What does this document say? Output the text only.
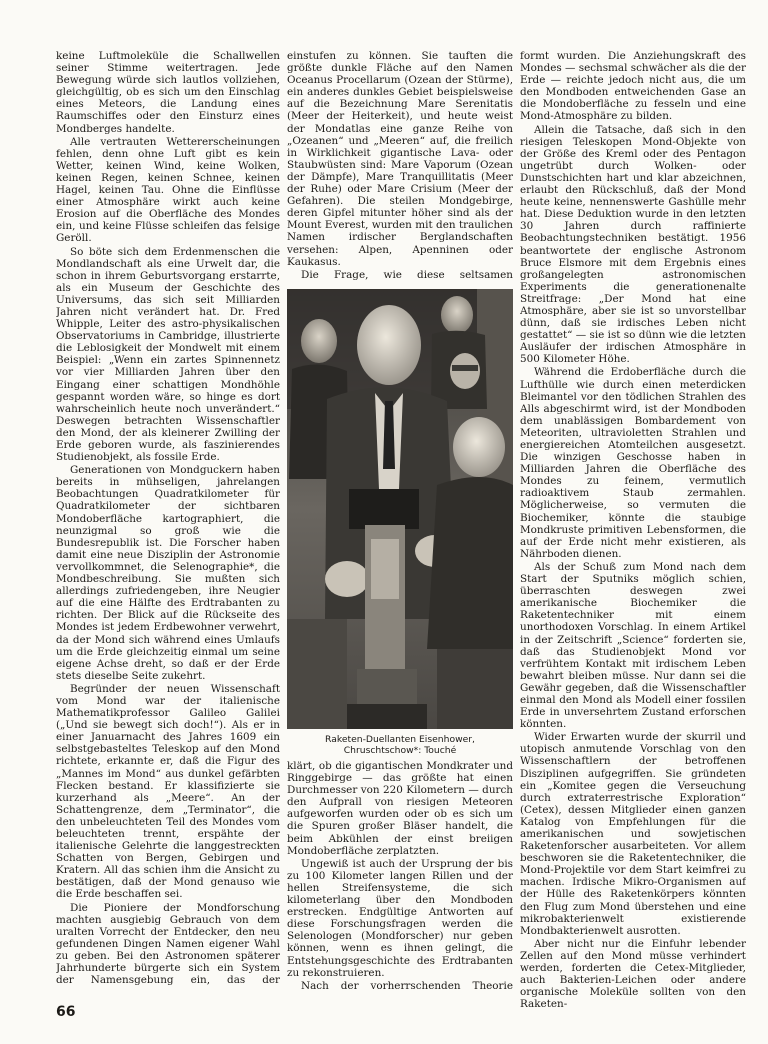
keine Luftmoleküle die Schallwellen seiner Stimme weitertragen. Jede Bewegung würde sich lautlos vollziehen, gleichgültig, ob es sich um den Einschlag eines Meteors, die Landung eines Raumschiffes oder den Einsturz eines Mondberges handelte.

Alle vertrauten Wettererscheinungen fehlen, denn ohne Luft gibt es kein Wetter, keinen Wind, keine Wolken, keinen Regen, keinen Schnee, keinen Hagel, keinen Tau. Ohne die Einflüsse einer Atmosphäre wirkt auch keine Erosion auf die Oberfläche des Mondes ein, und keine Flüsse schleifen das felsige Geröll.

So böte sich dem Erdenmenschen die Mondlandschaft als eine Urwelt dar, die schon in ihrem Geburtsvorgang erstarrte, als ein Museum der Geschichte des Universums, das sich seit Milliarden Jahren nicht verändert hat. Dr. Fred Whipple, Leiter des astro-physikalischen Observatoriums in Cambridge, illustrierte die Leblosigkeit der Mondwelt mit einem Beispiel: „Wenn ein zartes Spinnennetz vor vier Milliarden Jahren über den Eingang einer schattigen Mondhöhle gespannt worden wäre, so hinge es dort wahrscheinlich heute noch unverändert.“ Deswegen betrachten Wissenschaftler den Mond, der als kleinerer Zwilling der Erde geboren wurde, als faszinierendes Studienobjekt, als fossile Erde.

Generationen von Mondguckern haben bereits in mühseligen, jahrelangen Beobachtungen Quadratkilometer für Quadratkilometer der sichtbaren Mondoberfläche kartographiert, die neunzigmal so groß wie die Bundesrepublik ist. Die Forscher haben damit eine neue Disziplin der Astronomie vervollkommnet, die Selenographie*, die Mondbeschreibung. Sie mußten sich allerdings zufriedengeben, ihre Neugier auf die eine Hälfte des Erdtrabanten zu richten. Der Blick auf die Rückseite des Mondes ist jedem Erdbewohner verwehrt, da der Mond sich während eines Umlaufs um die Erde gleichzeitig einmal um seine eigene Achse dreht, so daß er der Erde stets dieselbe Seite zukehrt.

Begründer der neuen Wissenschaft vom Mond war der italienische Mathematikprofessor Galileo Galilei („Und sie bewegt sich doch!“). Als er in einer Januarnacht des Jahres 1609 ein selbstgebasteltes Teleskop auf den Mond richtete, erkannte er, daß die Figur des „Mannes im Mond“ aus dunkel gefärbten Flecken bestand. Er klassifizierte sie kurzerhand als „Meere“. An der Schattengrenze, dem „Terminator“, die den unbeleuchteten Teil des Mondes vom beleuchteten trennt, erspähte der italienische Gelehrte die langgestreckten Schatten von Bergen, Gebirgen und Kratern. All das schien ihm die Ansicht zu bestätigen, daß der Mond genauso wie die Erde beschaffen sei.

Die Pioniere der Mondforschung machten ausgiebig Gebrauch von dem uralten Vorrecht der Entdecker, den neu gefundenen Dingen Namen eigener Wahl zu geben. Bei den Astronomen späterer Jahrhunderte bürgerte sich ein System der Namensgebung ein, das der

einstufen zu können. Sie tauften die größte dunkle Fläche auf den Namen Oceanus Procellarum (Ozean der Stürme), ein anderes dunkles Gebiet beispielsweise auf die Bezeichnung Mare Serenitatis (Meer der Heiterkeit), und heute weist der Mondatlas eine ganze Reihe von „Ozeanen“ und „Meeren“ auf, die freilich in Wirklichkeit gigantische Lava- oder Staubwüsten sind: Mare Vaporum (Ozean der Dämpfe), Mare Tranquillitatis (Meer der Ruhe) oder Mare Crisium (Meer der Gefahren). Die steilen Mondgebirge, deren Gipfel mitunter höher sind als der Mount Everest, wurden mit den traulichen Namen irdischer Berglandschaften versehen: Alpen, Apenninen oder Kaukasus.

Die Frage, wie diese seltsamen

Raketen-Duellanten Eisenhower, Chruschtschow*: Touché

klärt, ob die gigantischen Mondkrater und Ringgebirge — das größte hat einen Durchmesser von 220 Kilometern — durch den Aufprall von riesigen Meteoren aufgeworfen wurden oder ob es sich um die Spuren großer Bläser handelt, die beim Abkühlen der einst breiigen Mondoberfläche zerplatzten.

Ungewiß ist auch der Ursprung der bis zu 100 Kilometer langen Rillen und der hellen Streifensysteme, die sich kilometerlang über den Mondboden erstrecken. Endgültige Antworten auf diese Forschungsfragen werden die Selenologen (Mondforscher) nur geben können, wenn es ihnen gelingt, die Entstehungsgeschichte des Erdtrabanten zu rekonstruieren.

Nach der vorherrschenden Theorie

formt wurden. Die Anziehungskraft des Mondes — sechsmal schwächer als die der Erde — reichte jedoch nicht aus, die um den Mondboden entweichenden Gase an die Mondoberfläche zu fesseln und eine Mond-Atmosphäre zu bilden.

Allein die Tatsache, daß sich in den riesigen Teleskopen Mond-Objekte von der Größe des Kreml oder des Pentagon ungetrübt durch Wolken- oder Dunstschichten hart und klar abzeichnen, erlaubt den Rückschluß, daß der Mond heute keine, nennenswerte Gashülle mehr hat. Diese Deduktion wurde in den letzten 30 Jahren durch raffinierte Beobachtungstechniken bestätigt. 1956 beantwortete der englische Astronom Bruce Elsmore mit dem Ergebnis eines großangelegten astronomischen Experiments die generationenalte Streitfrage: „Der Mond hat eine Atmosphäre, aber sie ist so unvorstellbar dünn, daß sie irdisches Leben nicht gestattet“ — sie ist so dünn wie die letzten Ausläufer der irdischen Atmosphäre in 500 Kilometer Höhe.

Während die Erdoberfläche durch die Lufthülle wie durch einen meterdicken Bleimantel vor den tödlichen Strahlen des Alls abgeschirmt wird, ist der Mondboden dem unablässigen Bombardement von Meteoriten, ultravioletten Strahlen und energiereichen Atomteilchen ausgesetzt. Die winzigen Geschosse haben in Milliarden Jahren die Oberfläche des Mondes zu feinem, vermutlich radioaktivem Staub zermahlen. Möglicherweise, so vermuten die Biochemiker, könnte die staubige Mondkruste primitiven Lebensformen, die auf der Erde nicht mehr existieren, als Nährboden dienen.

Als der Schuß zum Mond nach dem Start der Sputniks möglich schien, überraschten deswegen zwei amerikanische Biochemiker die Raketentechniker mit einem unorthodoxen Vorschlag. In einem Artikel in der Zeitschrift „Science“ forderten sie, daß das Studienobjekt Mond vor verfrühtem Kontakt mit irdischem Leben bewahrt bleiben müsse. Nur dann sei die Gewähr gegeben, daß die Wissenschaftler einmal den Mond als Modell einer fossilen Erde in unversehrtem Zustand erforschen könnten.

Wider Erwarten wurde der skurril und utopisch anmutende Vorschlag von den Wissenschaftlern der betroffenen Disziplinen aufgegriffen. Sie gründeten ein „Komitee gegen die Verseuchung durch extraterrestrische Exploration“ (Cetex), dessen Mitglieder einen ganzen Katalog von Empfehlungen für die amerikanischen und sowjetischen Raketenforscher ausarbeiteten. Vor allem beschworen sie die Raketentechniker, die Mond-Projektile vor dem Start keimfrei zu machen. Irdische Mikro-Organismen auf der Hülle des Raketenkörpers könnten den Flug zum Mond überstehen und eine mikrobakterienwelt existierende Mondbakterienwelt ausrotten.

Aber nicht nur die Einfuhr lebender Zellen auf den Mond müsse verhindert werden, forderten die Cetex-Mitglieder, auch Bakterien-Leichen oder andere organische Moleküle sollten von den Raketen-

66
